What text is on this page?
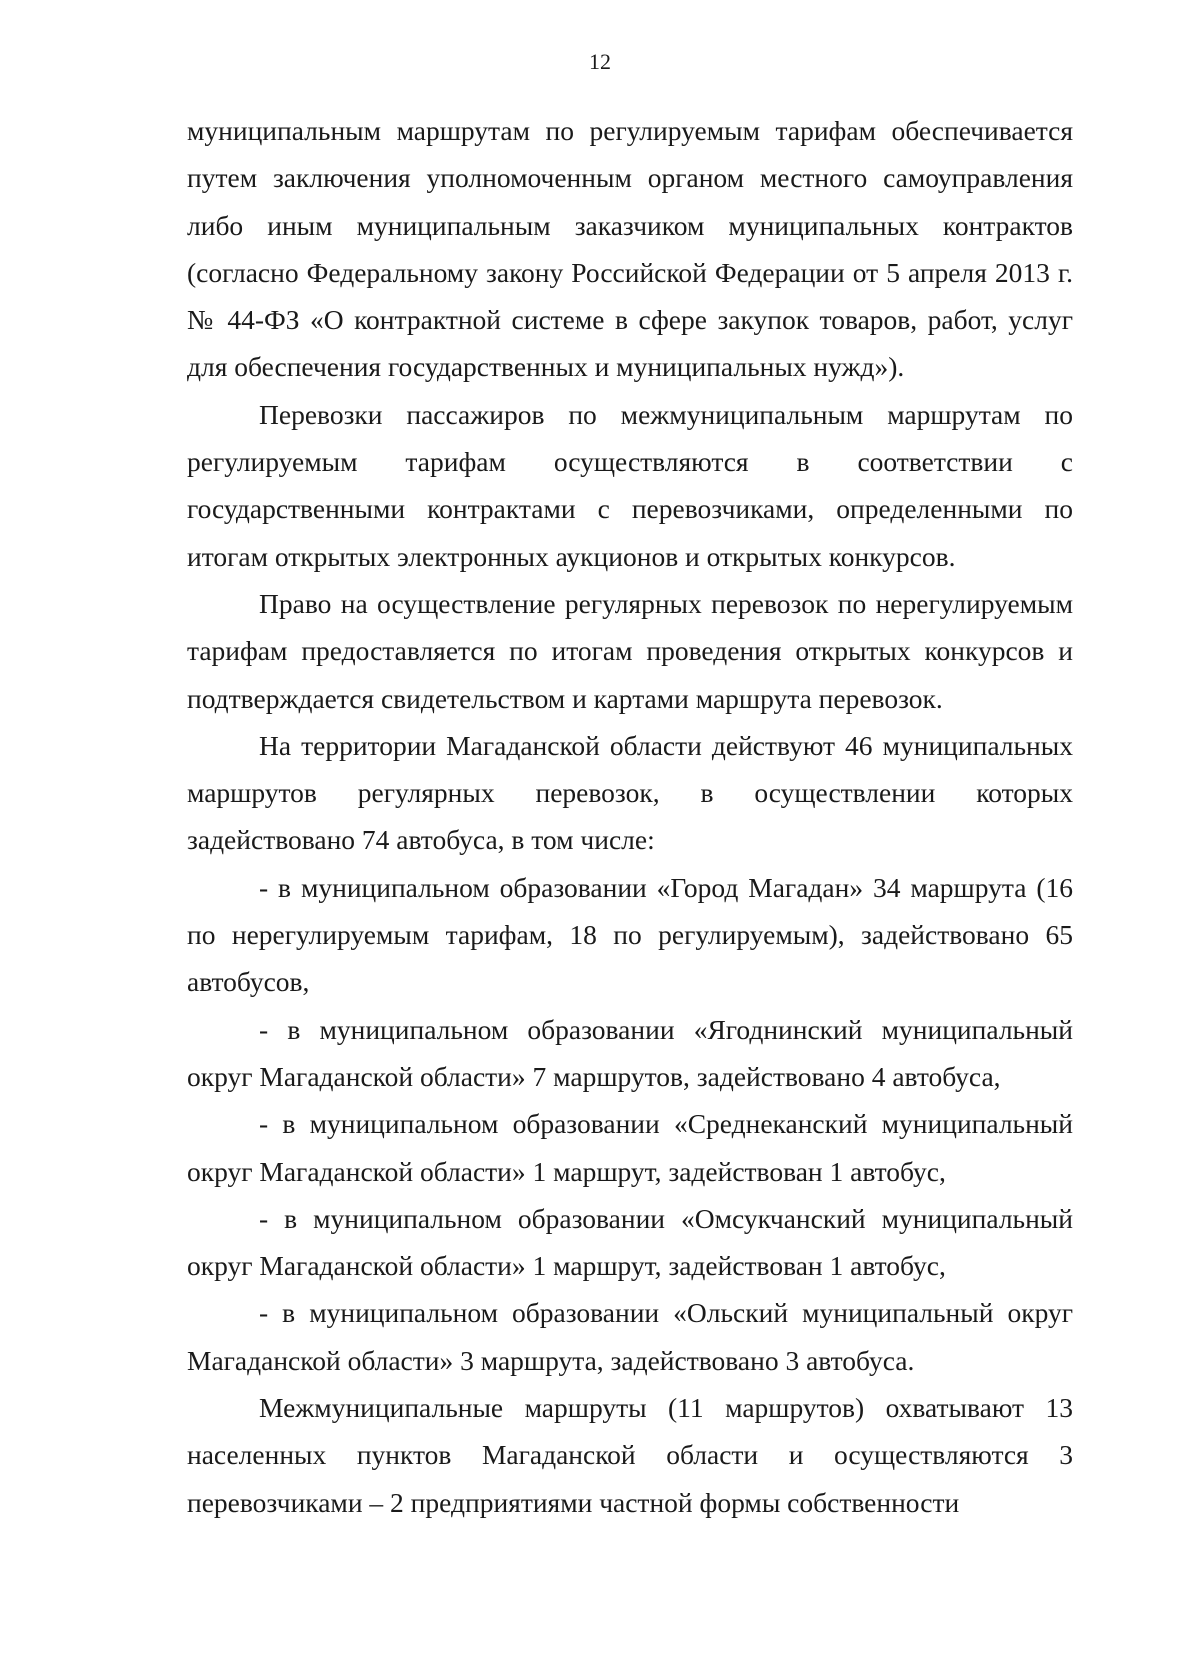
12

муниципальным маршрутам по регулируемым тарифам обеспечивается путем заключения уполномоченным органом местного самоуправления либо иным муниципальным заказчиком муниципальных контрактов (согласно Федеральному закону Российской Федерации от 5 апреля 2013 г. № 44-ФЗ «О контрактной системе в сфере закупок товаров, работ, услуг для обеспечения государственных и муниципальных нужд»).

Перевозки пассажиров по межмуниципальным маршрутам по регулируемым тарифам осуществляются в соответствии с государственными контрактами с перевозчиками, определенными по итогам открытых электронных аукционов и открытых конкурсов.

Право на осуществление регулярных перевозок по нерегулируемым тарифам предоставляется по итогам проведения открытых конкурсов и подтверждается свидетельством и картами маршрута перевозок.

На территории Магаданской области действуют 46 муниципальных маршрутов регулярных перевозок, в осуществлении которых задействовано 74 автобуса, в том числе:

- в муниципальном образовании «Город Магадан» 34 маршрута (16 по нерегулируемым тарифам, 18 по регулируемым), задействовано 65 автобусов,

- в муниципальном образовании «Ягоднинский муниципальный округ Магаданской области» 7 маршрутов, задействовано 4 автобуса,

- в муниципальном образовании «Среднеканский муниципальный округ Магаданской области» 1 маршрут, задействован 1 автобус,

- в муниципальном образовании «Омсукчанский муниципальный округ Магаданской области» 1 маршрут, задействован 1 автобус,

- в муниципальном образовании «Ольский муниципальный округ Магаданской области» 3 маршрута, задействовано 3 автобуса.

Межмуниципальные маршруты (11 маршрутов) охватывают 13 населенных пунктов Магаданской области и осуществляются 3 перевозчиками – 2 предприятиями частной формы собственности
